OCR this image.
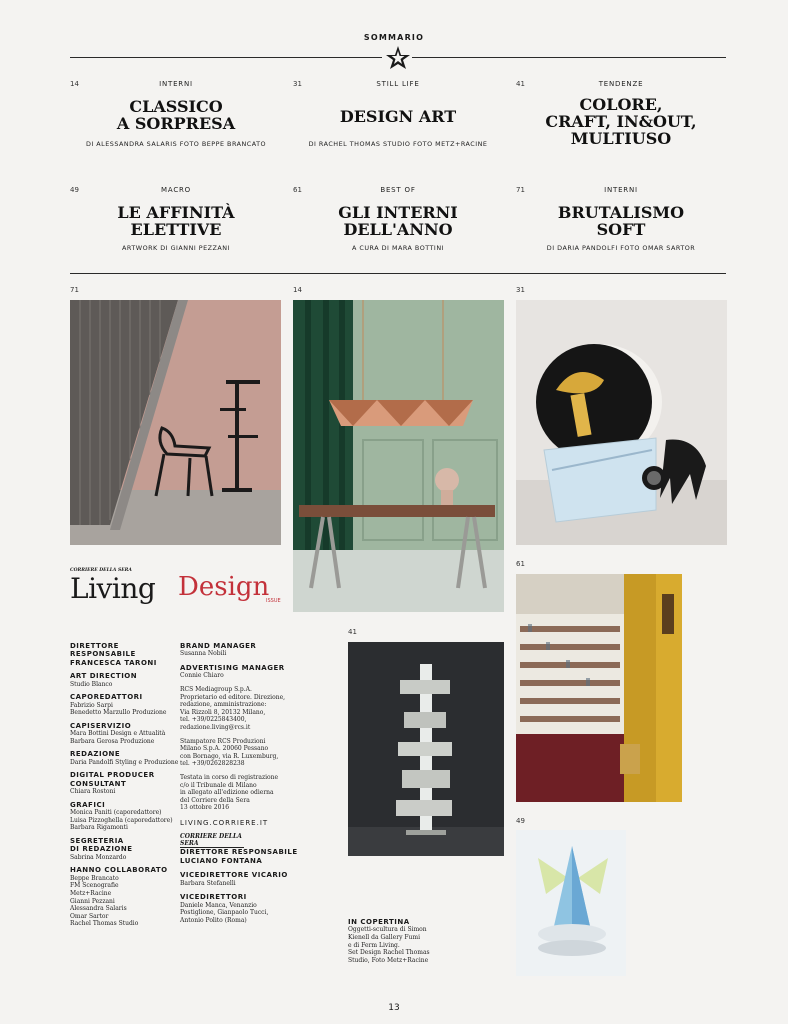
SOMMARIO
14	INTERNI
CLASSICO
A SORPRESA
DI ALESSANDRA SALARIS FOTO BEPPE BRANCATO
31	STILL LIFE
DESIGN ART
DI RACHEL THOMAS STUDIO FOTO METZ+RACINE
41	TENDENZE
COLORE,
CRAFT, IN&OUT,
MULTIUSO
49	MACRO
LE AFFINITÀ
ELETTIVE
ARTWORK DI GIANNI PEZZANI
61	BEST OF
GLI INTERNI
DELL'ANNO
A CURA DI MARA BOTTINI
71	INTERNI
BRUTALISMO
SOFT
DI DARIA PANDOLFI FOTO OMAR SARTOR
71	14	31
CORRIERE DELLA SERA
Living Design
ISSUE
DIRETTORE RESPONSABILE
FRANCESCA TARONI
ART DIRECTION
Studio Blanco
CAPOREDATTORI
Fabrizio Sarpi
Benedetto Marzullo Produzione
CAPISERVIZIO
Mara Bottini Design e Attualità
Barbara Gerosa Produzione
REDAZIONE
Daria Pandolfi Styling e Produzione
DIGITAL PRODUCER
CONSULTANT
Chiara Rostoni
GRAFICI
Monica Paniti (caporedattore)
Luisa Pizzoghella (caporedattore)
Barbara Rigamonti
SEGRETERIA
DI REDAZIONE
Sabrina Monzardo
HANNO COLLABORATO
Beppe Brancato
FM Scenografie
Metz+Racine
Gianni Pezzani
Alessandra Salaris
Omar Sartor
Rachel Thomas Studio
BRAND MANAGER
Susanna Nobili
ADVERTISING MANAGER
Connie Chiaro
RCS Mediagroup S.p.A.
Proprietario ed editore. Direzione,
redazione, amministrazione:
Via Rizzoli 8, 20132 Milano,
tel. +39/0225843400,
redazione.living@rcs.it
Stampatore RCS Produzioni
Milano S.p.A. 20060 Pessano
con Bornago, via R. Luxemburg,
tel. +39/0262828238
Testata in corso di registrazione
c/o il Tribunale di Milano
in allegato all'edizione odierna
del Corriere della Sera
13 ottobre 2016
LIVING.CORRIERE.IT
CORRIERE DELLA SERA
DIRETTORE RESPONSABILE
LUCIANO FONTANA
VICEDIRETTORE VICARIO
Barbara Stefanelli
VICEDIRETTORI
Daniele Manca, Venanzio
Postiglione, Gianpaolo Tucci,
Antonio Polito (Roma)
41
61
49
IN COPERTINA
Oggetti-scultura di Simon
Kienell da Gallery Fumi
e di Ferm Living.
Set Design Rachel Thomas
Studio, Foto Metz+Racine
13
